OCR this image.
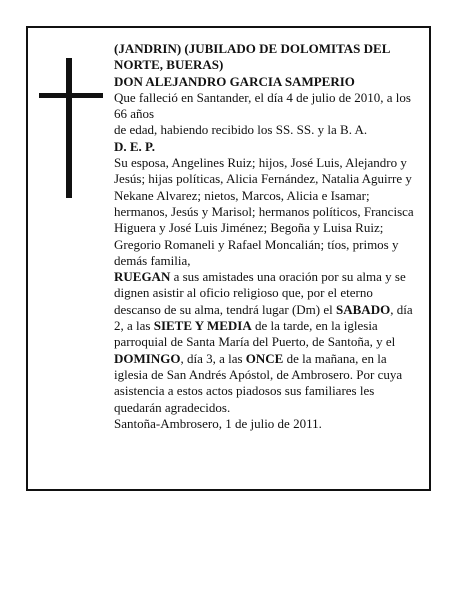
(JANDRIN) (JUBILADO DE DOLOMITAS DEL NORTE, BUERAS)

DON ALEJANDRO GARCIA SAMPERIO

Que falleció en Santander, el día 4 de julio de 2010, a los 66 años

de edad, habiendo recibido los SS. SS. y la B. A.

D. E. P.

Su esposa, Angelines Ruiz; hijos, José Luis, Alejandro y Jesús; hijas políticas, Alicia Fernández, Natalia Aguirre y Nekane Alvarez; nietos, Marcos, Alicia e Isamar; hermanos, Jesús y Marisol; hermanos políticos, Francisca Higuera y José Luis Jiménez; Begoña y Luisa Ruiz; Gregorio Romaneli y Rafael Moncalián; tíos, primos y demás familia,

RUEGAN a sus amistades una oración por su alma y se dignen asistir al oficio religioso que, por el eterno descanso de su alma, tendrá lugar (Dm) el SABADO, día 2, a las SIETE Y MEDIA de la tarde, en la iglesia parroquial de Santa María del Puerto, de Santoña, y el DOMINGO, día 3, a las ONCE de la mañana, en la iglesia de San Andrés Apóstol, de Ambrosero. Por cuya asistencia a estos actos piadosos sus familiares les quedarán agradecidos.

Santoña-Ambrosero, 1 de julio de 2011.
